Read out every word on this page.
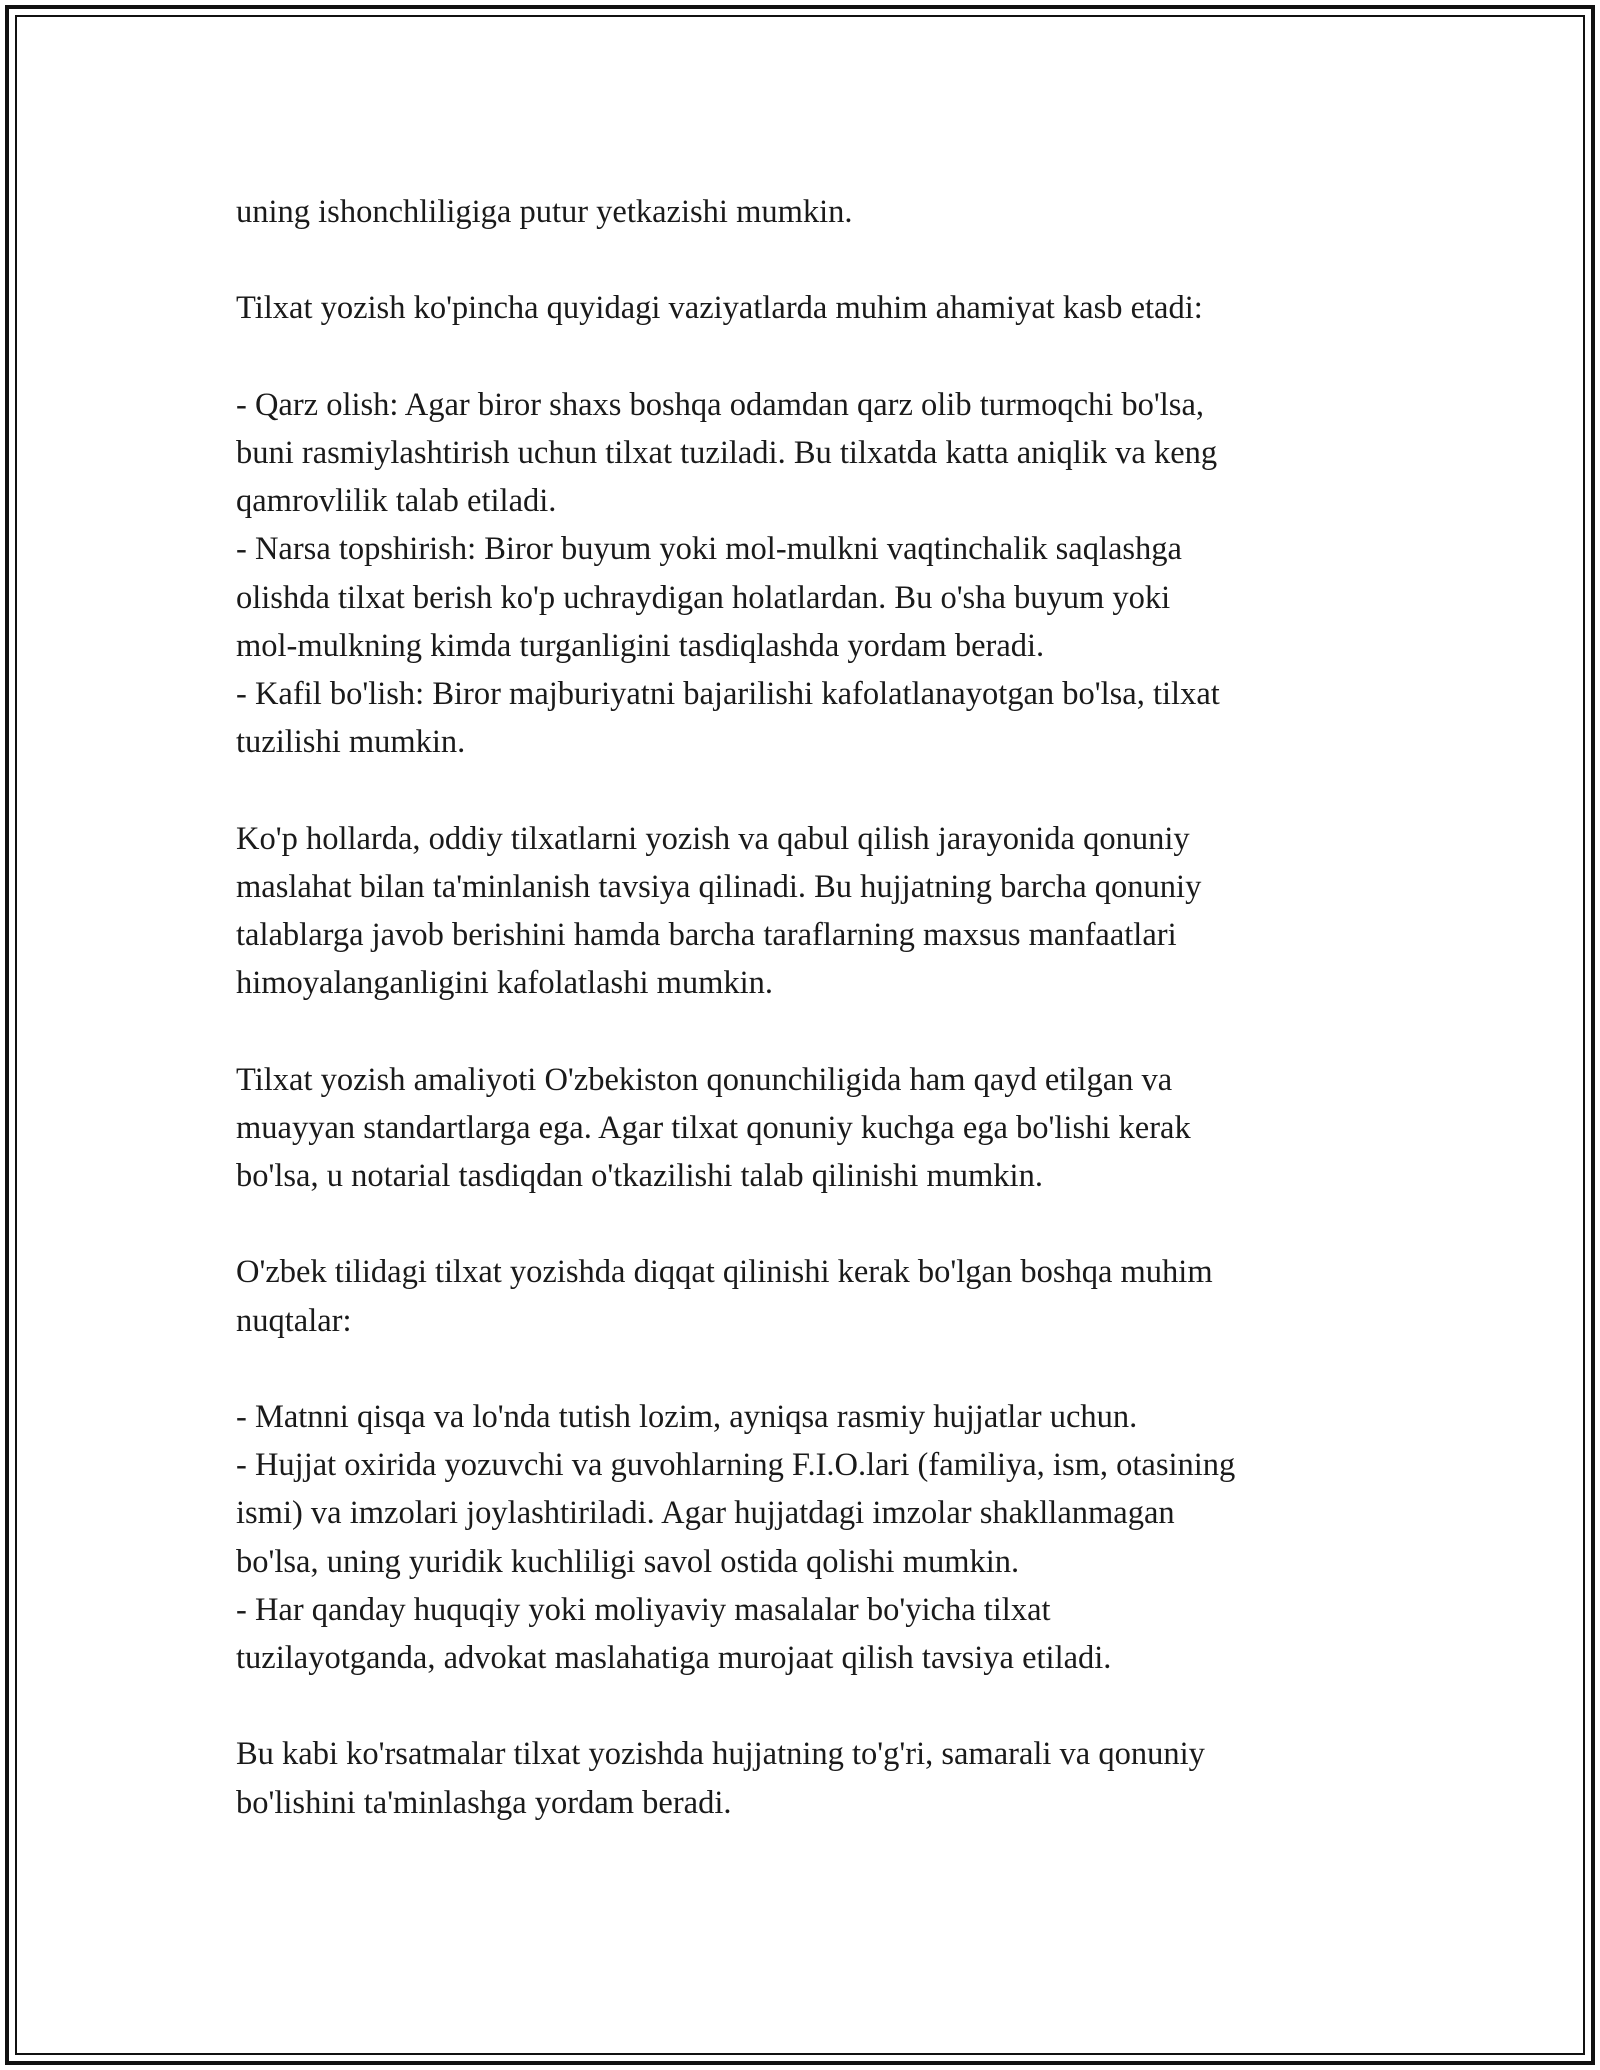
uning ishonchliligiga putur yetkazishi mumkin.

Tilxat yozish ko'pincha quyidagi vaziyatlarda muhim ahamiyat kasb etadi:

- Qarz olish: Agar biror shaxs boshqa odamdan qarz olib turmoqchi bo'lsa,
buni rasmiylashtirish uchun tilxat tuziladi. Bu tilxatda katta aniqlik va keng
qamrovlilik talab etiladi.
- Narsa topshirish: Biror buyum yoki mol-mulkni vaqtinchalik saqlashga
olishda tilxat berish ko'p uchraydigan holatlardan. Bu o'sha buyum yoki
mol-mulkning kimda turganligini tasdiqlashda yordam beradi.
- Kafil bo'lish: Biror majburiyatni bajarilishi kafolatlanayotgan bo'lsa, tilxat
tuzilishi mumkin.

Ko'p hollarda, oddiy tilxatlarni yozish va qabul qilish jarayonida qonuniy
maslahat bilan ta'minlanish tavsiya qilinadi. Bu hujjatning barcha qonuniy
talablarga javob berishini hamda barcha taraflarning maxsus manfaatlari
himoyalanganligini kafolatlashi mumkin.

Tilxat yozish amaliyoti O'zbekiston qonunchiligida ham qayd etilgan va
muayyan standartlarga ega. Agar tilxat qonuniy kuchga ega bo'lishi kerak
bo'lsa, u notarial tasdiqdan o'tkazilishi talab qilinishi mumkin.

O'zbek tilidagi tilxat yozishda diqqat qilinishi kerak bo'lgan boshqa muhim
nuqtalar:

- Matnni qisqa va lo'nda tutish lozim, ayniqsa rasmiy hujjatlar uchun.
- Hujjat oxirida yozuvchi va guvohlarning F.I.O.lari (familiya, ism, otasining
ismi) va imzolari joylashtiriladi. Agar hujjatdagi imzolar shakllanmagan
bo'lsa, uning yuridik kuchliligi savol ostida qolishi mumkin.
- Har qanday huquqiy yoki moliyaviy masalalar bo'yicha tilxat
tuzilayotganda, advokat maslahatiga murojaat qilish tavsiya etiladi.

Bu kabi ko'rsatmalar tilxat yozishda hujjatning to'g'ri, samarali va qonuniy
bo'lishini ta'minlashga yordam beradi.
